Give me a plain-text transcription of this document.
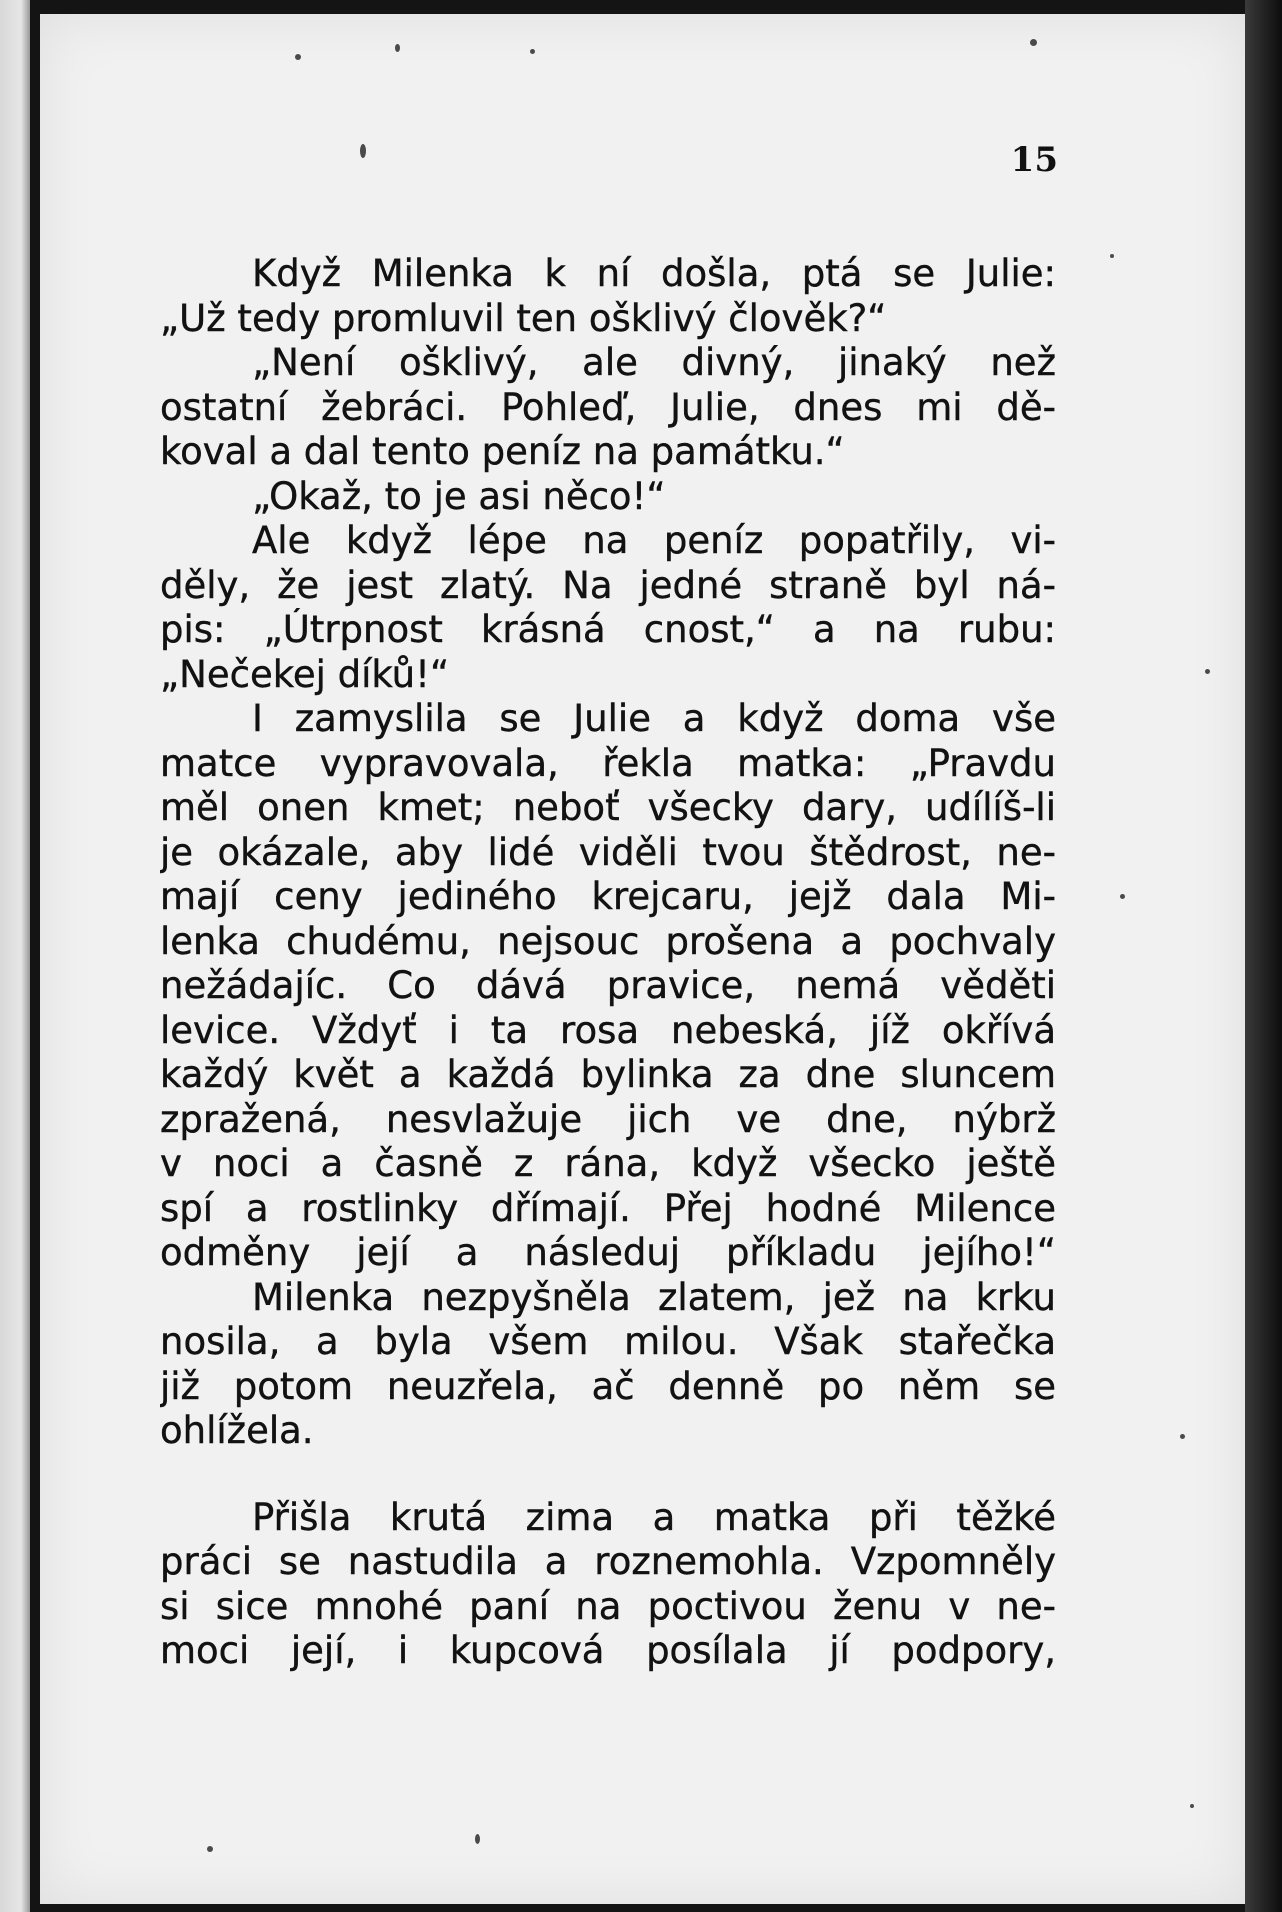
15

Když Milenka k ní došla, ptá se Julie:
„Už tedy promluvil ten ošklivý člověk?“
„Není ošklivý, ale divný, jinaký než
ostatní žebráci. Pohleď, Julie, dnes mi dě-
koval a dal tento peníz na památku.“
„Okaž, to je asi něco!“
Ale když lépe na peníz popatřily, vi-
děly, že jest zlatý. Na jedné straně byl ná-
pis: „Útrpnost krásná cnost,“ a na rubu:
„Nečekej díků!“
I zamyslila se Julie a když doma vše
matce vypravovala, řekla matka: „Pravdu
měl onen kmet; neboť všecky dary, udílíš-li
je okázale, aby lidé viděli tvou štědrost, ne-
mají ceny jediného krejcaru, jejž dala Mi-
lenka chudému, nejsouc prošena a pochvaly
nežádajíc. Co dává pravice, nemá věděti
levice. Vždyť i ta rosa nebeská, jíž okřívá
každý květ a každá bylinka za dne sluncem
zpražená, nesvlažuje jich ve dne, nýbrž
v noci a časně z rána, když všecko ještě
spí a rostlinky dřímají. Přej hodné Milence
odměny její a následuj příkladu jejího!“
Milenka nezpyšněla zlatem, jež na krku
nosila, a byla všem milou. Však stařečka
již potom neuzřela, ač denně po něm se
ohlížela.
Přišla krutá zima a matka při těžké
práci se nastudila a roznemohla. Vzpomněly
si sice mnohé paní na poctivou ženu v ne-
moci její, i kupcová posílala jí podpory,
